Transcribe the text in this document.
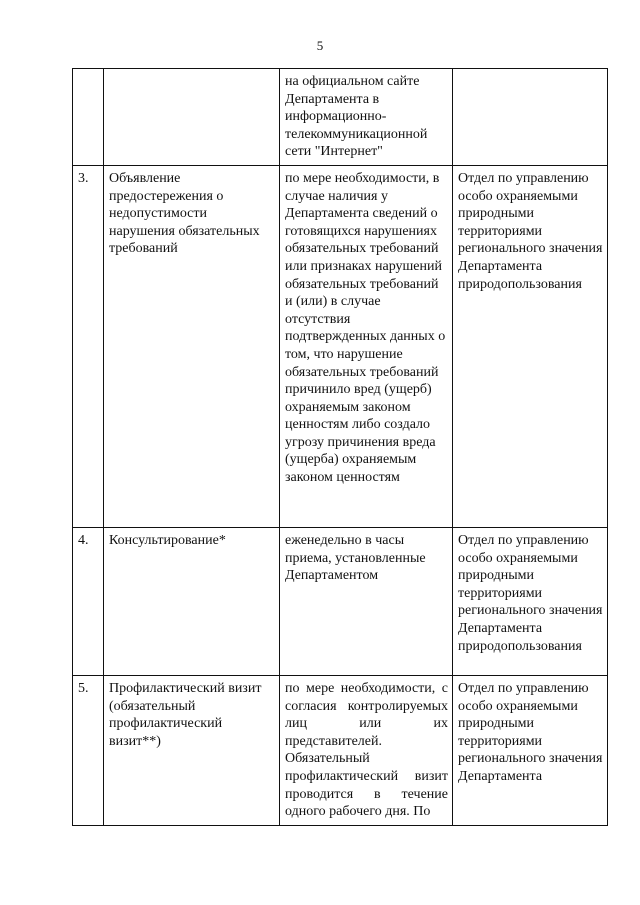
5
		на официальном сайте Департамента в информационно-телекоммуникационной сети "Интернет"	
3.	Объявление предостережения о недопустимости нарушения обязательных требований	по мере необходимости, в случае наличия у Департамента сведений о готовящихся нарушениях обязательных требований или признаках нарушений обязательных требований и (или) в случае отсутствия подтвержденных данных о том, что нарушение обязательных требований причинило вред (ущерб) охраняемым законом ценностям либо создало угрозу причинения вреда (ущерба) охраняемым законом ценностям	Отдел по управлению особо охраняемыми природными территориями регионального значения Департамента природопользования
4.	Консультирование*	еженедельно в часы приема, установленные Департаментом	Отдел по управлению особо охраняемыми природными территориями регионального значения Департамента природопользования
5.	Профилактический визит (обязательный профилактический визит**)	по мере необходимости, с согласия контролируемых лиц или их представителей. Обязательный профилактический визит проводится в течение одного рабочего дня. По	Отдел по управлению особо охраняемыми природными территориями регионального значения Департамента
